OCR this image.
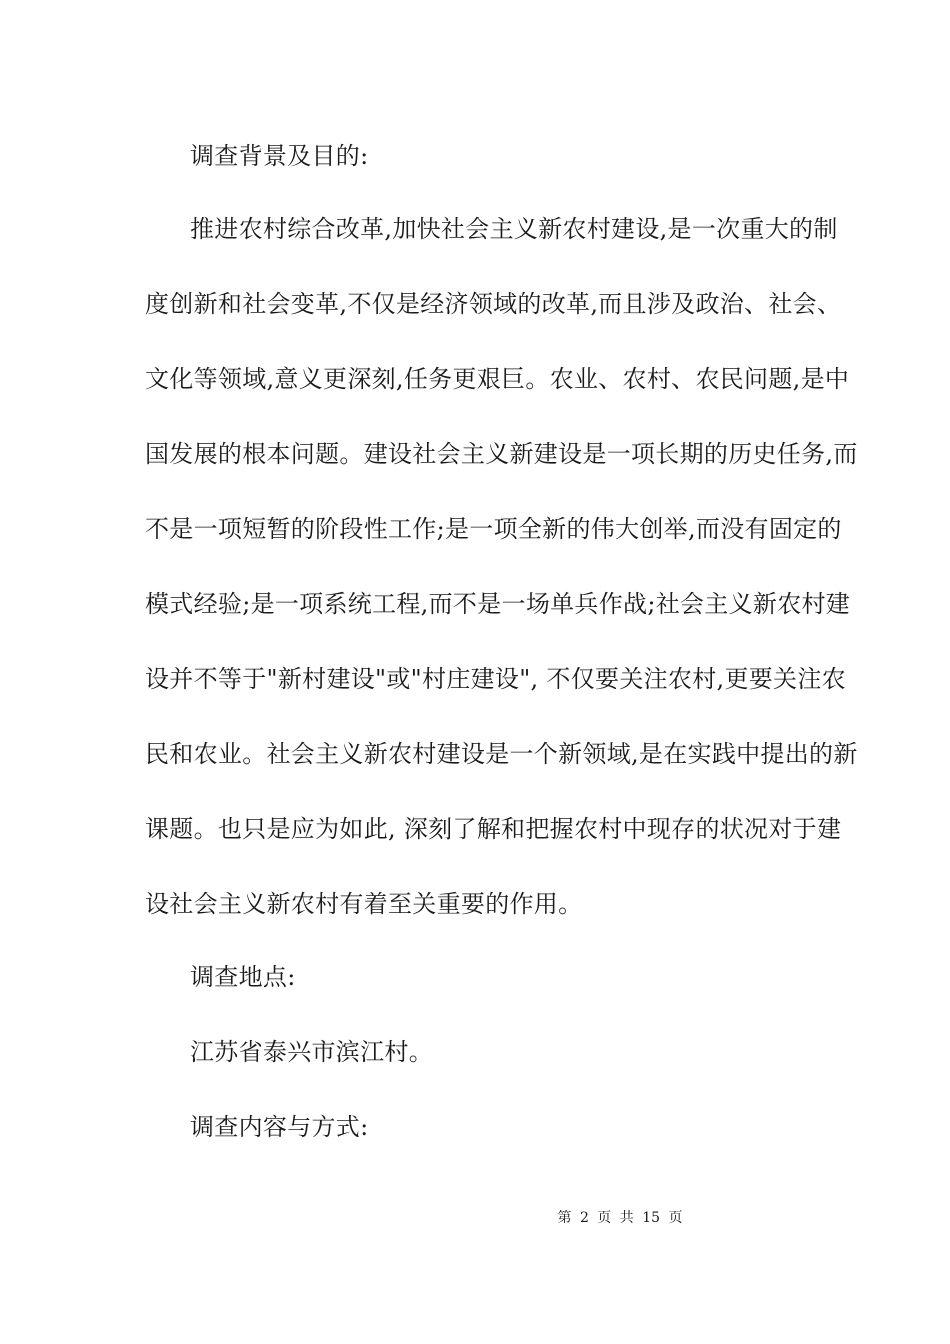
调查背景及目的:
推进农村综合改革,加快社会主义新农村建设,是一次重大的制
度创新和社会变革,不仅是经济领域的改革,而且涉及政治、社会、
文化等领域,意义更深刻,任务更艰巨。农业、农村、农民问题,是中
国发展的根本问题。建设社会主义新建设是一项长期的历史任务,而
不是一项短暂的阶段性工作;是一项全新的伟大创举,而没有固定的
模式经验;是一项系统工程,而不是一场单兵作战;社会主义新农村建
设并不等于"新村建设"或"村庄建设", 不仅要关注农村,更要关注农
民和农业。社会主义新农村建设是一个新领域,是在实践中提出的新
课题。也只是应为如此, 深刻了解和把握农村中现存的状况对于建
设社会主义新农村有着至关重要的作用。
调查地点:
江苏省泰兴市滨江村。
调查内容与方式:
第 2 页 共 15 页
